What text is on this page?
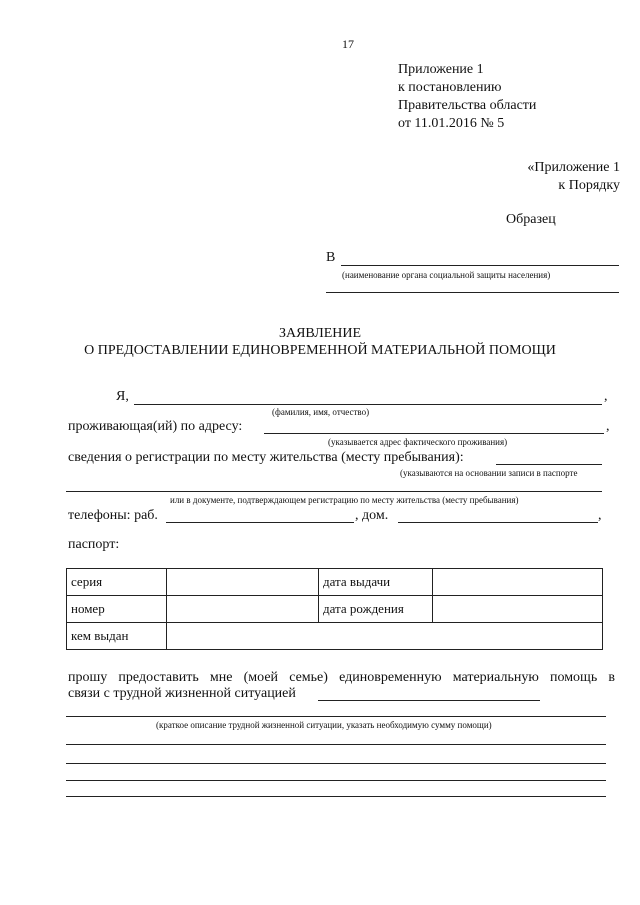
17
Приложение 1
к постановлению
Правительства области
от 11.01.2016 № 5
«Приложение 1
к Порядку
Образец
В
(наименование органа социальной защиты населения)
ЗАЯВЛЕНИЕ
О ПРЕДОСТАВЛЕНИИ ЕДИНОВРЕМЕННОЙ МАТЕРИАЛЬНОЙ ПОМОЩИ
Я,	,
(фамилия, имя, отчество)
проживающая(ий) по адресу:	,
(указывается адрес фактического проживания)
сведения о регистрации по месту жительства (месту пребывания):
(указываются на основании записи в паспорте
или в документе, подтверждающем регистрацию по месту жительства (месту пребывания)
телефоны: раб.	, дом.	,
паспорт:
серия		дата выдачи	
номер		дата рождения	
кем выдан			
прошу предоставить мне (моей семье) единовременную материальную помощь в
связи с трудной жизненной ситуацией
(краткое описание трудной жизненной ситуации, указать необходимую сумму помощи)
